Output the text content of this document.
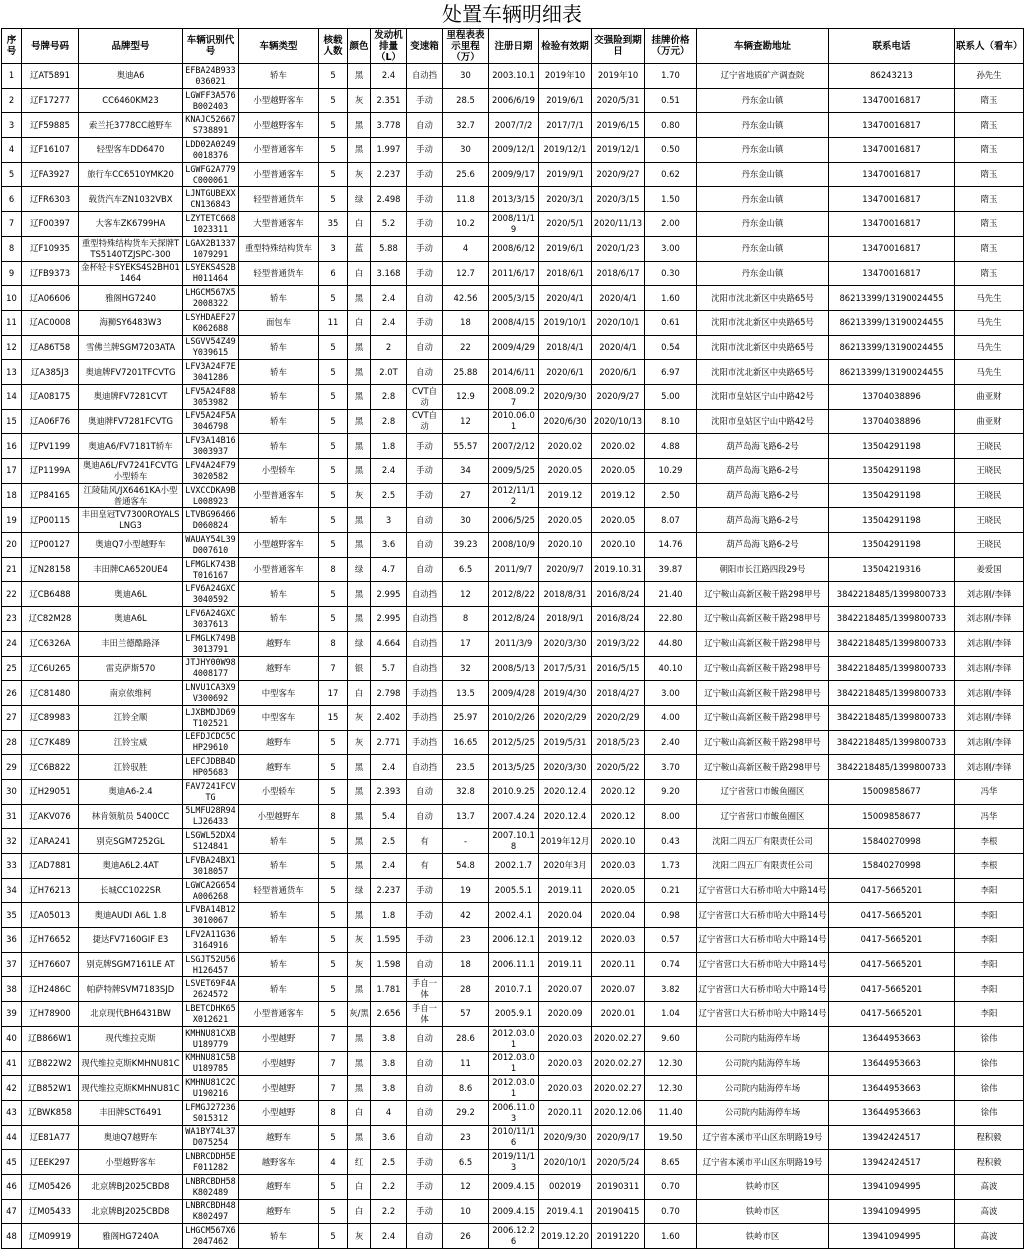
处置车辆明细表
序号	号牌号码	品牌型号	车辆识别代号	车辆类型	核载人数	颜色	发动机排量（L）	变速箱	里程表表示里程（万）	注册日期	检验有效期	交强险到期日	挂牌价格（万元）	车辆查勘地址	联系电话	联系人（看车）
1	辽AT5891	奥迪A6	EFBA24B933036021	轿车	5	黑	2.4	自动挡	30	2003.10.1	2019年10	2019年10	1.70	辽宁省地质矿产调查院	86243213	孙先生
2	辽F17277	CC6460KM23	LGWFF3A576B002403	小型越野客车	5	灰	2.351	手动	28.5	2006/6/19	2019/6/1	2020/5/31	0.51	丹东金山镇	13470016817	隋玉
3	辽F59885	索兰托3778CC越野车	KNAJC52667S738891	小型越野客车	5	黑	3.778	自动	32.7	2007/7/2	2017/7/1	2019/6/15	0.80	丹东金山镇	13470016817	隋玉
4	辽F16107	轻型客车DD6470	LDD02A02490018376	小型普通客车	5	黑	1.997	手动	30	2009/12/1	2019/12/1	2019/12/1	0.50	丹东金山镇	13470016817	隋玉
5	辽FA3927	旅行车CC6510YMK20	LGWFG2A779C000061	小型普通客车	5	灰	2.237	手动	25.6	2009/9/17	2019/9/1	2020/9/27	0.62	丹东金山镇	13470016817	隋玉
6	辽FR6303	载货汽车ZN1032VBX	LJNTGUBEXXCN136843	轻型普通货车	5	绿	2.498	手动	11.8	2013/3/15	2020/3/1	2020/3/15	1.50	丹东金山镇	13470016817	隋玉
7	辽F00397	大客车ZK6799HA	LZYTETC6681023311	大型普通客车	35	白	5.2	手动	10.2	2008/11/19	2020/5/1	2020/11/13	2.00	丹东金山镇	13470016817	隋玉
8	辽F10935	重型特殊结构货车天探牌TTS5140TZJSPC-300	LGAX2B13371079291	重型特殊结构货车	3	蓝	5.88	手动	4	2008/6/12	2019/6/1	2020/1/23	3.00	丹东金山镇	13470016817	隋玉
9	辽FB9373	金杯轻卡SYEKS4S2BH011464	LSYEKS4S2BH011464	轻型普通货车	6	白	3.168	手动	12.7	2011/6/17	2018/6/1	2018/6/17	0.30	丹东金山镇	13470016817	隋玉
10	辽A06606	雅阁HG7240	LHGCM567X52008322	轿车	5	黑	2.4	自动	42.56	2005/3/15	2020/4/1	2020/4/1	1.60	沈阳市沈北新区中央路65号	86213399/13190024455	马先生
11	辽AC0008	海狮SY6483W3	LSYHDAEF27K062688	面包车	11	白	2.4	手动	18	2008/4/15	2019/10/1	2020/10/1	0.61	沈阳市沈北新区中央路65号	86213399/13190024455	马先生
12	辽A86T58	雪佛兰牌SGM7203ATA	LSGVV54Z49Y039615	轿车	5	黑	2	自动	22	2009/4/29	2018/4/1	2020/4/1	0.54	沈阳市沈北新区中央路65号	86213399/13190024455	马先生
13	辽A385J3	奥迪牌FV7201TFCVTG	LFV3A24F7E3041286	轿车	5	黑	2.0T	自动	25.88	2014/6/11	2020/6/1	2020/6/1	6.97	沈阳市沈北新区中央路65号	86213399/13190024455	马先生
14	辽A08175	奥迪牌FV7281CVT	LFV5A24F883053982	轿车	5	黑	2.8	CVT自动	12.9	2008.09.27	2020/9/30	2020/9/27	5.00	沈阳市皇姑区宁山中路42号	13704038896	曲亚财
15	辽A06F76	奥迪牌FV7281FCVTG	LFV5A24F5A3046798	轿车	5	黑	2.8	CVT自动	12	2010.06.01	2020/6/30	2020/10/13	8.10	沈阳市皇姑区宁山中路42号	13704038896	曲亚财
16	辽PV1199	奥迪A6/FV7181T轿车	LFV3A14B163003937	轿车	5	黑	1.8	手动	55.57	2007/2/12	2020.02	2020.02	4.88	葫芦岛海飞路6-2号	13504291198	王晓民
17	辽P1199A	奥迪A6L/FV7241FCVTG小型轿车	LFV4A24F793020582	小型轿车	5	黑	2.4	手动	34	2009/5/25	2020.05	2020.05	10.29	葫芦岛海飞路6-2号	13504291198	王晓民
18	辽P84165	江陵陆风/JX6461KA小型普通客车	LVXCCDKA9BL008923	小型普通客车	5	灰	2.5	手动	27	2012/11/12	2019.12	2019.12	2.50	葫芦岛海飞路6-2号	13504291198	王晓民
19	辽P00115	丰田皇冠TV7300ROYALSLNG3	LTVBG96466D060824	轿车	5	黑	3	自动	30	2006/5/25	2020.05	2020.05	8.07	葫芦岛海飞路6-2号	13504291198	王晓民
20	辽P00127	奥迪Q7小型越野车	WAUAY54L39D007610	小型越野客车	5	黑	3.6	自动	39.23	2008/10/9	2020.10	2020.10	14.76	葫芦岛海飞路6-2号	13504291198	王晓民
21	辽N28158	丰田牌CA6520UE4	LFMGLK743BT016167	小型普通客车	8	绿	4.7	自动	6.5	2011/9/7	2020/9/7	2019.10.31	39.87	朝阳市长江路四段29号	13504219316	姜爱国
22	辽CB6488	奥迪A6L	LFV6A24GXC3040592	轿车	5	黑	2.995	自动挡	12	2012/8/22	2018/8/31	2016/8/24	21.40	辽宁鞍山高新区鞍千路298甲号	3842218485/1399800733	刘志刚/李铎
23	辽C82M28	奥迪A6L	LFV6A24GXC3037613	轿车	5	黑	2.995	自动挡	8	2012/8/24	2018/9/1	2016/8/24	22.80	辽宁鞍山高新区鞍千路298甲号	3842218485/1399800733	刘志刚/李铎
24	辽C6326A	丰田兰德酷路泽	LFMGLK749B3013791	越野车	8	绿	4.664	自动挡	17	2011/3/9	2020/3/30	2019/3/22	44.80	辽宁鞍山高新区鞍千路298甲号	3842218485/1399800733	刘志刚/李铎
25	辽C6U265	雷克萨斯570	JTJHY00W984008177	越野车	7	银	5.7	自动挡	32	2008/5/13	2017/5/31	2016/5/15	40.10	辽宁鞍山高新区鞍千路298甲号	3842218485/1399800733	刘志刚/李铎
26	辽C81480	南京依维柯	LNVU1CA3X9V300692	中型客车	17	白	2.798	手动挡	13.5	2009/4/28	2019/4/30	2018/4/27	3.00	辽宁鞍山高新区鞍千路298甲号	3842218485/1399800733	刘志刚/李铎
27	辽C89983	江铃全顺	LJXBMDJD69T102521	中型客车	15	灰	2.402	手动挡	25.97	2010/2/26	2020/2/29	2020/2/29	4.00	辽宁鞍山高新区鞍千路298甲号	3842218485/1399800733	刘志刚/李铎
28	辽C7K489	江铃宝威	LEFDJCDC5CHP29610	越野车	5	灰	2.771	手动挡	16.65	2012/5/25	2019/5/31	2018/5/23	2.40	辽宁鞍山高新区鞍千路298甲号	3842218485/1399800733	刘志刚/李铎
29	辽C6B822	江铃驭胜	LEFCJDBB4DHP05683	越野车	5	黑	2.4	自动挡	23.5	2013/5/25	2020/3/30	2020/5/22	3.70	辽宁鞍山高新区鞍千路298甲号	3842218485/1399800733	刘志刚/李铎
30	辽H29051	奥迪A6-2.4	FAV7241FCVTG	小型轿车	5	黑	2.393	自动	32.8	2010.9.25	2020.12.4	2020.12	9.20	辽宁省营口市鲅鱼圈区	15009858677	冯华
31	辽AKV076	林肯领航员 5400CC	5LMFU28R94LJ26433	小型越野车	8	黑	5.4	自动	13.7	2007.4.24	2020.12.4	2020.12	8.00	辽宁省营口市鲅鱼圈区	15009858677	冯华
32	辽ARA241	别克SGM7252GL	LSGWL52DX4S124841	轿车	5	黑	2.5	有	-	2007.10.18	2019年12月	2020.10	0.43	沈阳二四五厂有限责任公司	15840270998	李根
33	辽AD7881	奥迪A6L2.4AT	LFVBA24BX13018057	轿车	5	黑	2.4	有	54.8	2002.1.7	2020年3月	2020.03	1.73	沈阳二四五厂有限责任公司	15840270998	李根
34	辽H76213	长城CC1022SR	LGWCA2G654A006268	轻型普通货车	5	绿	2.237	手动	19	2005.5.1	2019.11	2020.05	0.21	辽宁省营口大石桥市哈大中路14号	0417-5665201	李阳
35	辽A05013	奥迪AUDI A6L 1.8	LFVBA14B123010067	轿车	5	黑	1.8	手动	42	2002.4.1	2020.04	2020.04	0.98	辽宁省营口大石桥市哈大中路14号	0417-5665201	李阳
36	辽H76652	捷达FV7160GIF E3	LFV2A11G363164916	轿车	5	灰	1.595	手动	23	2006.12.1	2019.12	2020.03	0.57	辽宁省营口大石桥市哈大中路14号	0417-5665201	李阳
37	辽H76607	别克牌SGM7161LE AT	LSGJT52U56H126457	轿车	5	灰	1.598	自动	18	2006.11.1	2019.11	2020.11	0.74	辽宁省营口大石桥市哈大中路14号	0417-5665201	李阳
38	辽H2486C	帕萨特牌SVM7183SJD	LSVET69F4A2624572	轿车	5	黑	1.781	手自一体	28	2010.7.1	2020.07	2020.07	3.82	辽宁省营口大石桥市哈大中路14号	0417-5665201	李阳
39	辽H78900	北京现代BH6431BW	LBETCDHK65X012621	小型普通客车	5	灰/黑	2.656	手自一体	57	2005.9.1	2020.09	2020.01	1.04	辽宁省营口大石桥市哈大中路14号	0417-5665201	李阳
40	辽B866W1	现代维拉克斯	KMHNU81CXBU189779	小型越野	7	黑	3.8	自动	28.6	2012.03.01	2020.03	2020.02.27	9.60	公司院内陆海停车场	13644953663	徐伟
41	辽B822W2	现代维拉克斯KMHNU81C	KMHNU81C5BU189785	小型越野	7	黑	3.8	自动	11	2012.03.01	2020.03	2020.02.27	12.30	公司院内陆海停车场	13644953663	徐伟
42	辽B852W1	现代维拉克斯KMHNU81C	KMHNU81C2CU190216	小型越野	7	黑	3.8	自动	8.6	2012.03.01	2020.03	2020.02.27	12.30	公司院内陆海停车场	13644953663	徐伟
43	辽BWK858	丰田牌SCT6491	LFMGJ27236S015312	小型越野	8	白	4	自动	29.2	2006.11.03	2020.11	2020.12.06	11.40	公司院内陆海停车场	13644953663	徐伟
44	辽E81A77	奥迪Q7越野车	WA1BY74L37D075254	越野车	5	黑	3.6	自动	23	2010/11/16	2020/9/30	2020/9/17	19.50	辽宁省本溪市平山区东明路19号	13942424517	程积毅
45	辽EEK297	小型越野客车	LNBRCDDH5EF011282	越野客车	4	红	2.5	手动	6.5	2019/11/13	2020/10/1	2020/5/24	8.65	辽宁省本溪市平山区东明路19号	13942424517	程积毅
46	辽M05426	北京牌BJ2025CBD8	LNBRCBDH58K802489	越野车	5	白	2.2	手动	12	2009.4.15	002019	20190311	0.70	铁岭市区	13941094995	高波
47	辽M05433	北京牌BJ2025CBD8	LNBRCBDH48K802497	越野车	5	白	2.2	手动	10	2009.4.15	2019.4.1	20190415	0.70	铁岭市区	13941094995	高波
48	辽M09919	雅阁HG7240A	LHGCM567X62047462	轿车	5	灰	2.4	自动	26	2006.12.26	2019.12.20	20191220	1.60	铁岭市区	13941094995	高波
